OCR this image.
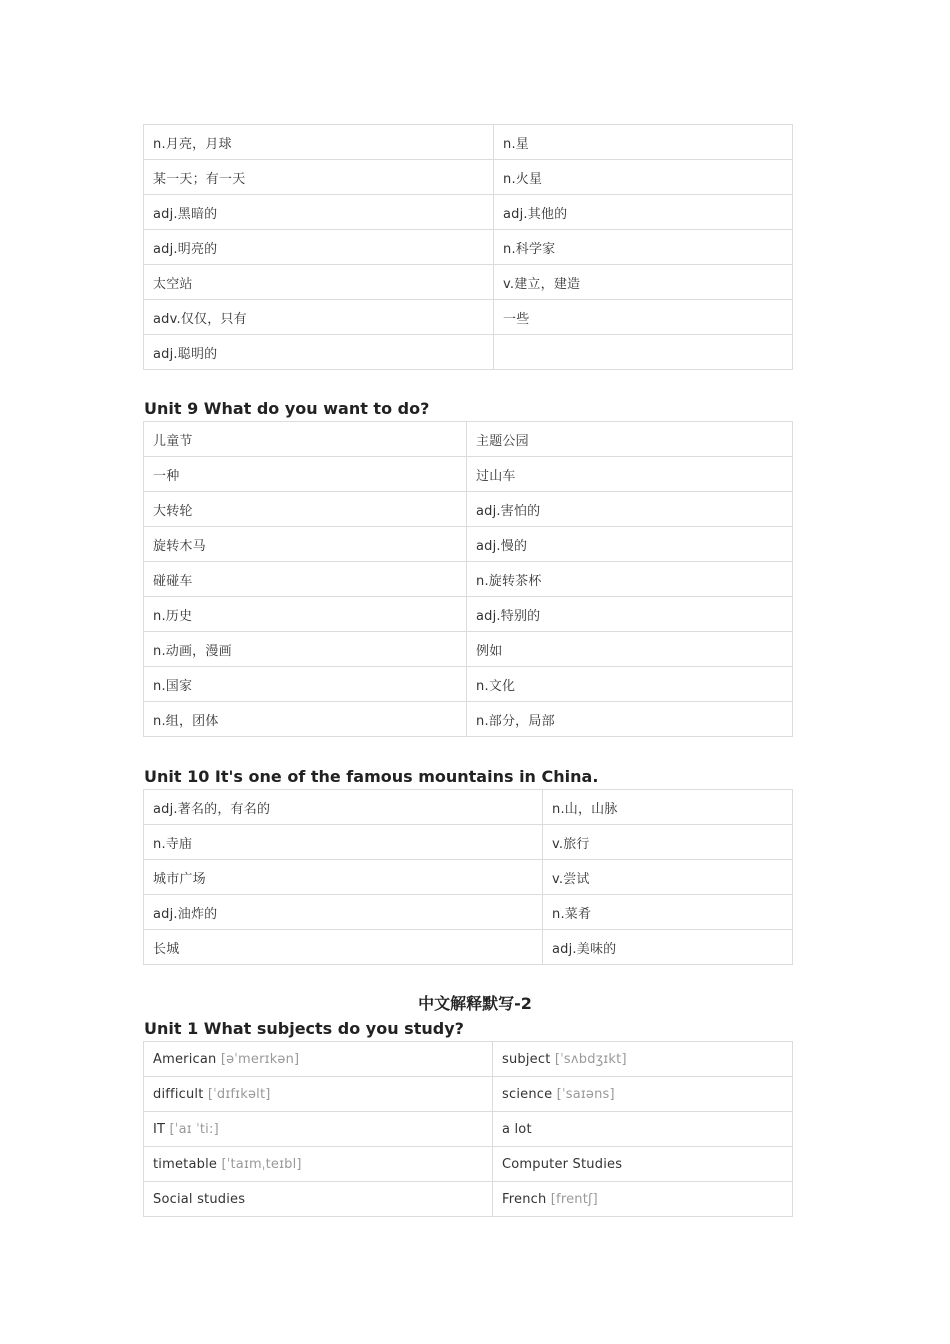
n.月亮，月球	n.星
某一天；有一天	n.火星
adj.黑暗的	adj.其他的
adj.明亮的	n.科学家
太空站	v.建立，建造
adv.仅仅，只有	一些
adj.聪明的	
Unit 9 What do you want to do?
儿童节	主题公园
一种	过山车
大转轮	adj.害怕的
旋转木马	adj.慢的
碰碰车	n.旋转茶杯
n.历史	adj.特别的
n.动画，漫画	例如
n.国家	n.文化
n.组，团体	n.部分，局部
Unit 10 It's one of the famous mountains in China.
adj.著名的，有名的	n.山，山脉
n.寺庙	v.旅行
城市广场	v.尝试
adj.油炸的	n.菜肴
长城	adj.美味的
中文解释默写-2
Unit 1 What subjects do you study?
American [əˈmerɪkən]	subject [ˈsʌbdʒɪkt]
difficult [ˈdɪfɪkəlt]	science [ˈsaɪəns]
IT [ˈaɪ ˈti:]	a lot
timetable [ˈtaɪmˌteɪbl]	Computer Studies
Social studies	French [frentʃ]
